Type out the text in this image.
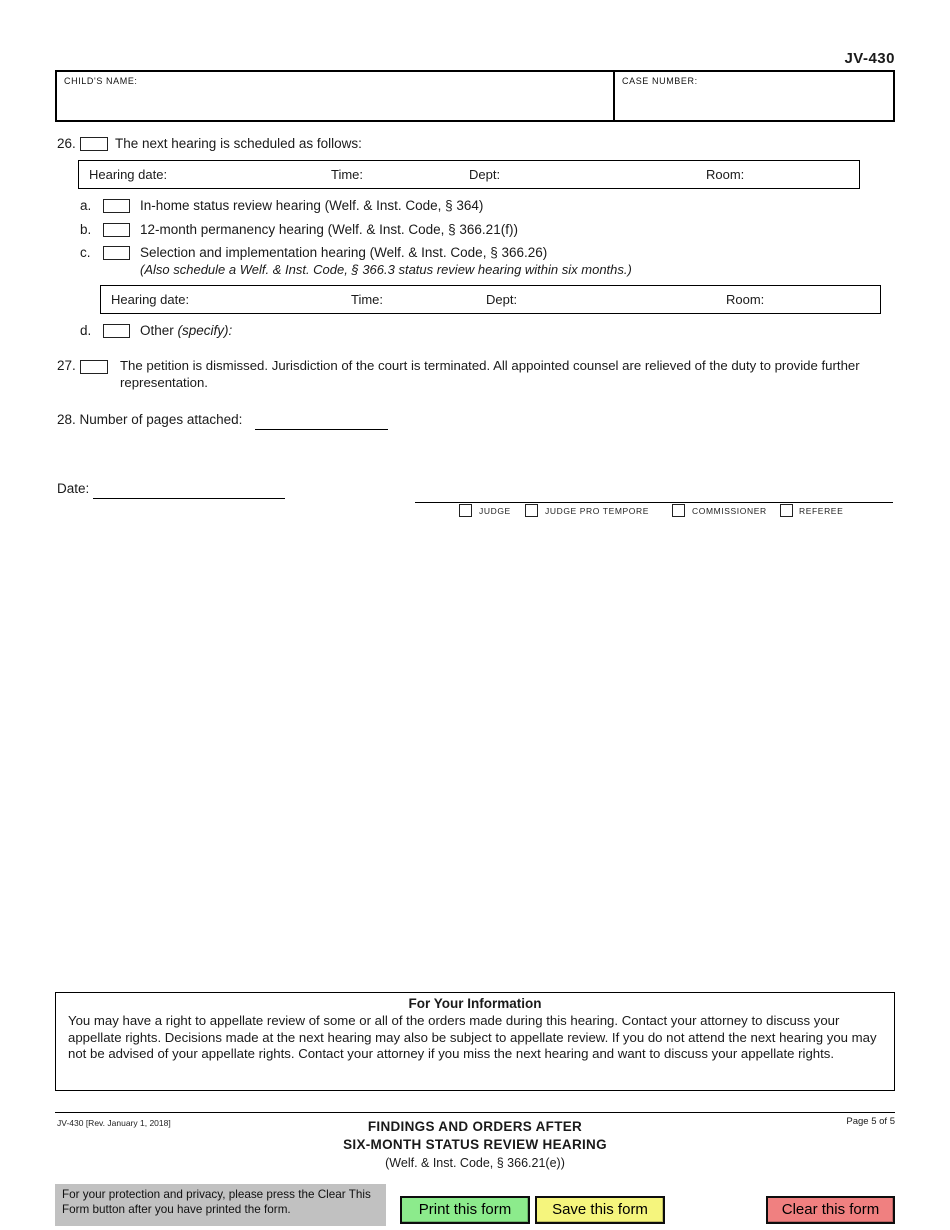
JV-430
CHILD'S NAME:	CASE NUMBER:
26.	The next hearing is scheduled as follows:
Hearing date:	Time:	Dept:	Room:
a.	In-home status review hearing (Welf. & Inst. Code, § 364)
b.	12-month permanency hearing (Welf. & Inst. Code, § 366.21(f))
c.	Selection and implementation hearing (Welf. & Inst. Code, § 366.26)
(Also schedule a Welf. & Inst. Code, § 366.3 status review hearing within six months.)
Hearing date:	Time:	Dept:	Room:
d.	Other (specify):
27.	The petition is dismissed. Jurisdiction of the court is terminated. All appointed counsel are relieved of the duty to provide further representation.
28. Number of pages attached:
Date:
JUDGE	JUDGE PRO TEMPORE	COMMISSIONER	REFEREE
For Your Information
You may have a right to appellate review of some or all of the orders made during this hearing. Contact your attorney to discuss your appellate rights. Decisions made at the next hearing may also be subject to appellate review. If you do not attend the next hearing you may not be advised of your appellate rights. Contact your attorney if you miss the next hearing and want to discuss your appellate rights.
JV-430 [Rev. January 1, 2018]	Page 5 of 5
FINDINGS AND ORDERS AFTER
SIX-MONTH STATUS REVIEW HEARING
(Welf. & Inst. Code, § 366.21(e))
For your protection and privacy, please press the Clear This Form button after you have printed the form.	Print this form	Save this form	Clear this form
